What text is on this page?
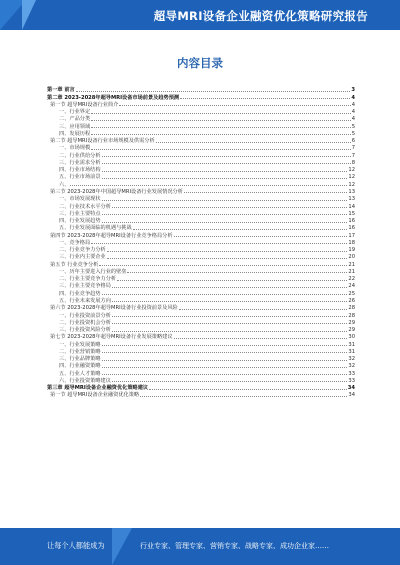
超导MRI设备企业融资优化策略研究报告
内容目录
第一章 前言	3
第二章 2023-2028年超导MRI设备市场前景及趋势预测	4
第一节 超导MRI设备行业简介	4
一、行业界定	4
二、产品分类	4
三、应用领域	5
四、发展历程	5
第二节 超导MRI设备行业市场规模及供需分析	6
一、市场规模	7
二、行业供给分析	7
三、行业需求分析	8
四、行业市场结构	12
五、行业市场前景	12
六、	12
第三节 2023-2028年中国超导MRI设备行业发展情况分析	13
一、市场发展现状	13
二、行业技术水平分析	14
三、行业主要特点	15
四、行业发展趋势	16
五、行业发展面临的机遇与挑战	16
第四节 2023-2028年超导MRI设备行业竞争格局分析	17
一、竞争格局	18
二、行业竞争力分析	19
三、行业内主要企业	20
第五节 行业竞争分析	21
一、历年主要进入行业的壁垒	21
二、行业主要竞争力分析	22
三、行业主要竞争格局	24
四、行业竞争趋势	25
五、行业未来发展方向	26
第六节 2023-2028年超导MRI设备行业投资前景及风险	28
一、行业投资前景分析	28
二、行业投资机会分析	29
三、行业投资风险分析	29
第七节 2023-2028年超导MRI设备行业发展策略建议	30
一、行业发展策略	31
二、行业营销策略	31
三、行业品牌策略	32
四、行业融资策略	32
五、行业人才策略	33
六、行业投资策略建议	33
第三章 超导MRI设备企业融资优化策略建议	34
第一节 超导MRI设备企业融资优化策略	34
让每个人都能成为	行业专家、管理专家、营销专家、战略专家、成功企业家……
